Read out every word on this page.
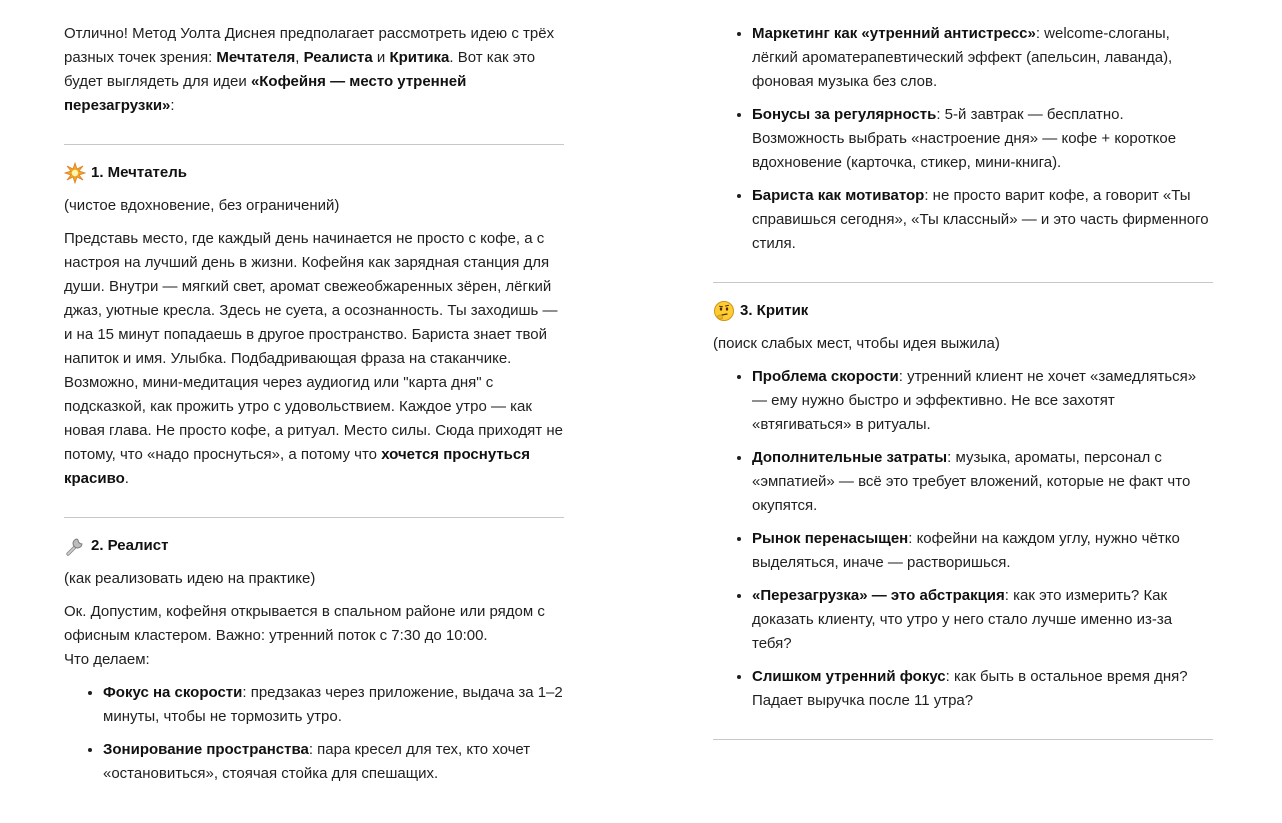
Отлично! Метод Уолта Диснея предполагает рассмотреть идею с трёх разных точек зрения: Мечтателя, Реалиста и Критика. Вот как это будет выглядеть для идеи «Кофейня — место утренней перезагрузки»:

1. Мечтатель

(чистое вдохновение, без ограничений)

Представь место, где каждый день начинается не просто с кофе, а с настроя на лучший день в жизни. Кофейня как зарядная станция для души. Внутри — мягкий свет, аромат свежеобжаренных зёрен, лёгкий джаз, уютные кресла. Здесь не суета, а осознанность. Ты заходишь — и на 15 минут попадаешь в другое пространство. Бариста знает твой напиток и имя. Улыбка. Подбадривающая фраза на стаканчике. Возможно, мини-медитация через аудиогид или "карта дня" с подсказкой, как прожить утро с удовольствием. Каждое утро — как новая глава. Не просто кофе, а ритуал. Место силы. Сюда приходят не потому, что «надо проснуться», а потому что хочется проснуться красиво.

2. Реалист

(как реализовать идею на практике)

Ок. Допустим, кофейня открывается в спальном районе или рядом с офисным кластером. Важно: утренний поток с 7:30 до 10:00.
Что делаем:

• Фокус на скорости: предзаказ через приложение, выдача за 1–2 минуты, чтобы не тормозить утро.
• Зонирование пространства: пара кресел для тех, кто хочет «остановиться», стоячая стойка для спешащих.
• Маркетинг как «утренний антистресс»: welcome-слоганы, лёгкий ароматерапевтический эффект (апельсин, лаванда), фоновая музыка без слов.
• Бонусы за регулярность: 5-й завтрак — бесплатно. Возможность выбрать «настроение дня» — кофе + короткое вдохновение (карточка, стикер, мини-книга).
• Бариста как мотиватор: не просто варит кофе, а говорит «Ты справишься сегодня», «Ты классный» — и это часть фирменного стиля.
3. Критик

(поиск слабых мест, чтобы идея выжила)

• Проблема скорости: утренний клиент не хочет «замедляться» — ему нужно быстро и эффективно. Не все захотят «втягиваться» в ритуалы.
• Дополнительные затраты: музыка, ароматы, персонал с «эмпатией» — всё это требует вложений, которые не факт что окупятся.
• Рынок перенасыщен: кофейни на каждом углу, нужно чётко выделяться, иначе — растворишься.
• «Перезагрузка» — это абстракция: как это измерить? Как доказать клиенту, что утро у него стало лучше именно из-за тебя?
• Слишком утренний фокус: как быть в остальное время дня? Падает выручка после 11 утра?
